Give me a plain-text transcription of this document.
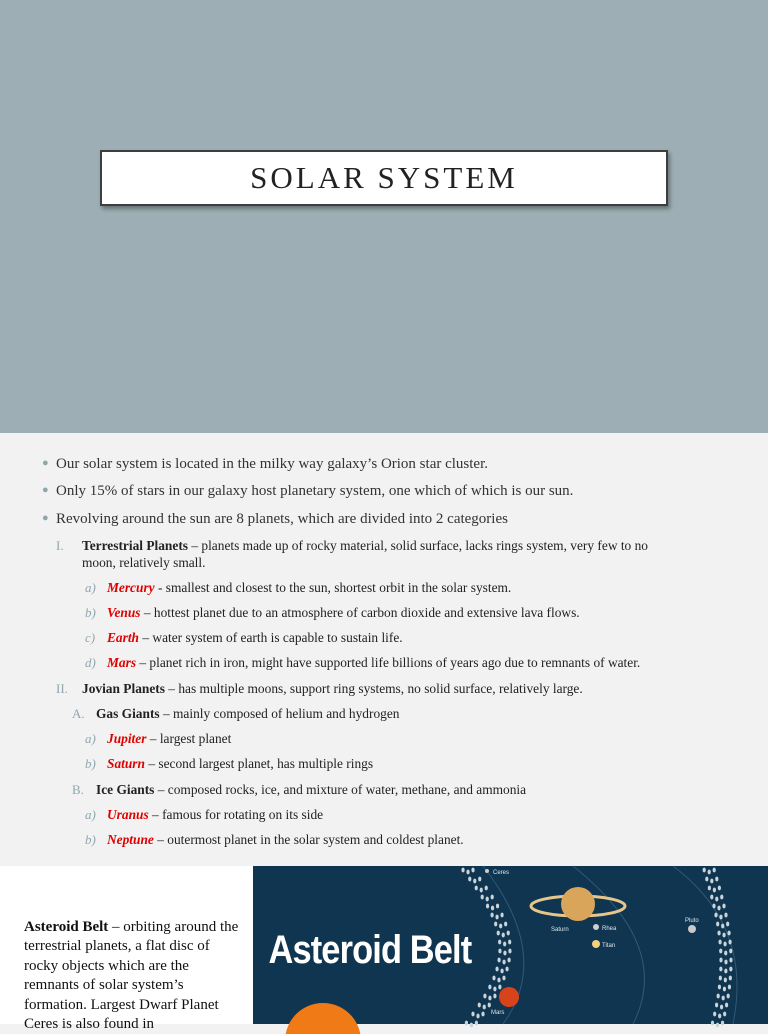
SOLAR SYSTEM
● Our solar system is located in the milky way galaxy’s Orion star cluster.
● Only 15% of stars in our galaxy host planetary system, one which of which is our sun.
● Revolving around the sun are 8 planets, which are divided into 2 categories
I. Terrestrial Planets – planets made up of rocky material, solid surface, lacks rings system, very few to no
moon, relatively small.
a) Mercury - smallest and closest to the sun, shortest orbit in the solar system.
b) Venus – hottest planet due to an atmosphere of carbon dioxide and extensive lava flows.
c) Earth – water system of earth is capable to sustain life.
d) Mars – planet rich in iron, might have supported life billions of years ago due to remnants of water.
II. Jovian Planets – has multiple moons, support ring systems, no solid surface, relatively large.
A. Gas Giants – mainly composed of helium and hydrogen
a) Jupiter – largest planet
b) Saturn – second largest planet, has multiple rings
B. Ice Giants – composed rocks, ice, and mixture of water, methane, and ammonia
a) Uranus – famous for rotating on its side
b) Neptune – outermost planet in the solar system and coldest planet.
Asteroid Belt – orbiting around the terrestrial planets, a flat disc of rocky objects which are the remnants of solar system’s formation. Largest Dwarf Planet Ceres is also found in
Asteroid Belt
Ceres
Saturn	Rhea
Titan
Pluto
Mars
